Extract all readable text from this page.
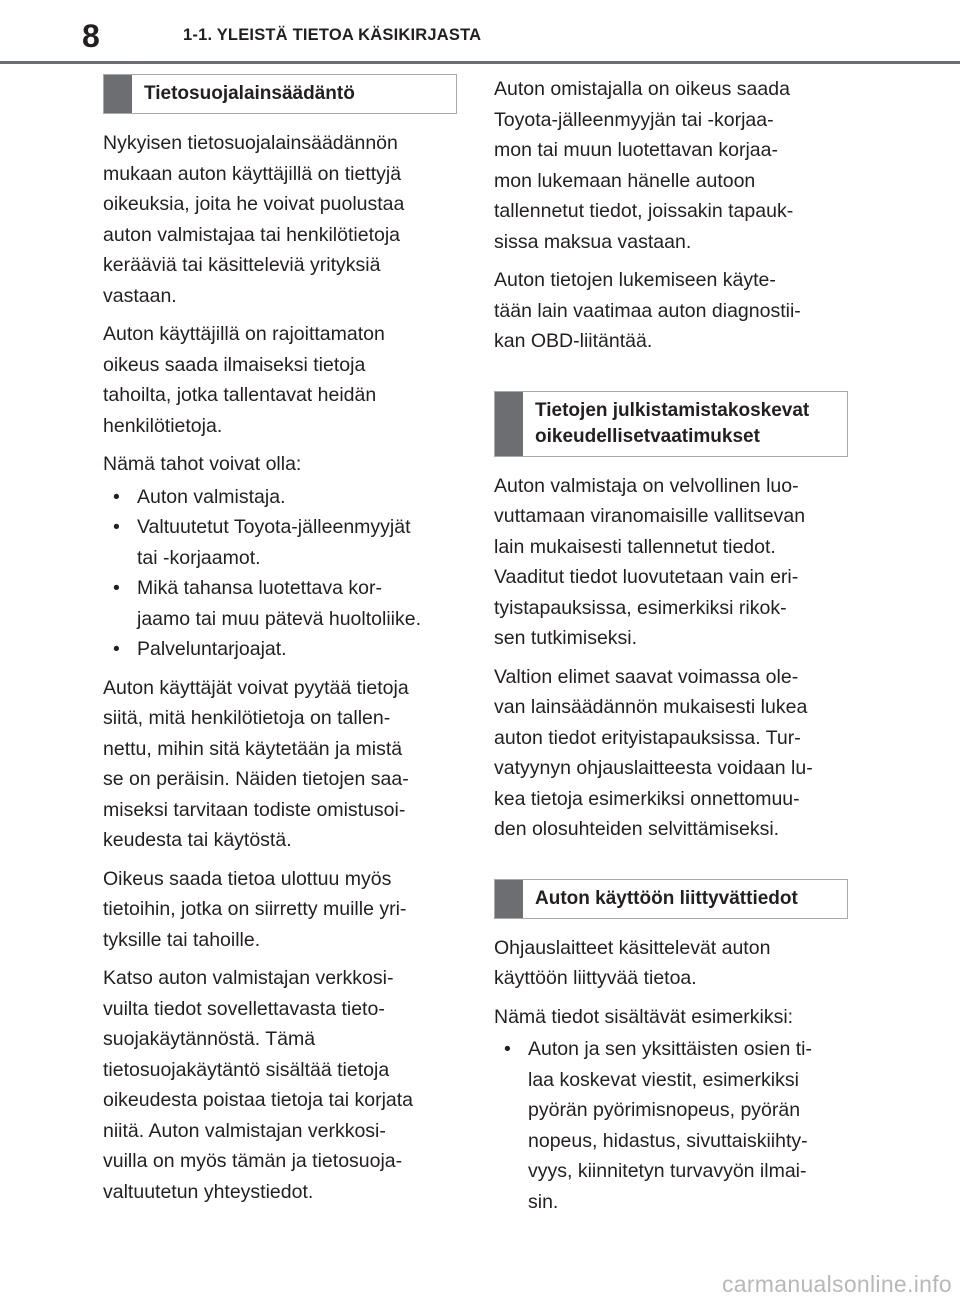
8	1-1. YLEISTÄ TIETOA KÄSIKIRJASTA
Tietosuojalainsäädäntö
Nykyisen tietosuojalainsäädännön
mukaan auton käyttäjillä on tiettyjä
oikeuksia, joita he voivat puolustaa
auton valmistajaa tai henkilötietoja
kerääviä tai käsitteleviä yrityksiä
vastaan.
Auton käyttäjillä on rajoittamaton
oikeus saada ilmaiseksi tietoja
tahoilta, jotka tallentavat heidän
henkilötietoja.
Nämä tahot voivat olla:
• Auton valmistaja.
• Valtuutetut Toyota-jälleenmyyjät
tai -korjaamot.
• Mikä tahansa luotettava kor-
jaamo tai muu pätevä huoltoliike.
• Palveluntarjoajat.
Auton käyttäjät voivat pyytää tietoja
siitä, mitä henkilötietoja on tallen-
nettu, mihin sitä käytetään ja mistä
se on peräisin. Näiden tietojen saa-
miseksi tarvitaan todiste omistusoi-
keudesta tai käytöstä.
Oikeus saada tietoa ulottuu myös
tietoihin, jotka on siirretty muille yri-
tyksille tai tahoille.
Katso auton valmistajan verkkosi-
vuilta tiedot sovellettavasta tieto-
suojakäytännöstä. Tämä
tietosuojakäytäntö sisältää tietoja
oikeudesta poistaa tietoja tai korjata
niitä. Auton valmistajan verkkosi-
vuilla on myös tämän ja tietosuoja-
valtuutetun yhteystiedot.
Auton omistajalla on oikeus saada
Toyota-jälleenmyyjän tai -korjaa-
mon tai muun luotettavan korjaa-
mon lukemaan hänelle autoon
tallennetut tiedot, joissakin tapauk-
sissa maksua vastaan.
Auton tietojen lukemiseen käyte-
tään lain vaatimaa auton diagnostii-
kan OBD-liitäntää.
Tietojen julkistamistakoskevat oikeudellisetvaatimukset
Auton valmistaja on velvollinen luo-
vuttamaan viranomaisille vallitsevan
lain mukaisesti tallennetut tiedot.
Vaaditut tiedot luovutetaan vain eri-
tyistapauksissa, esimerkiksi rikok-
sen tutkimiseksi.
Valtion elimet saavat voimassa ole-
van lainsäädännön mukaisesti lukea
auton tiedot erityistapauksissa. Tur-
vatyynyn ohjauslaitteesta voidaan lu-
kea tietoja esimerkiksi onnettomuu-
den olosuhteiden selvittämiseksi.
Auton käyttöön liittyvättiedot
Ohjauslaitteet käsittelevät auton
käyttöön liittyvää tietoa.
Nämä tiedot sisältävät esimerkiksi:
• Auton ja sen yksittäisten osien ti-
laa koskevat viestit, esimerkiksi
pyörän pyörimisnopeus, pyörän
nopeus, hidastus, sivuttaiskiihty-
vyys, kiinnitetyn turvavyön ilmai-
sin.
carmanualsonline.info
